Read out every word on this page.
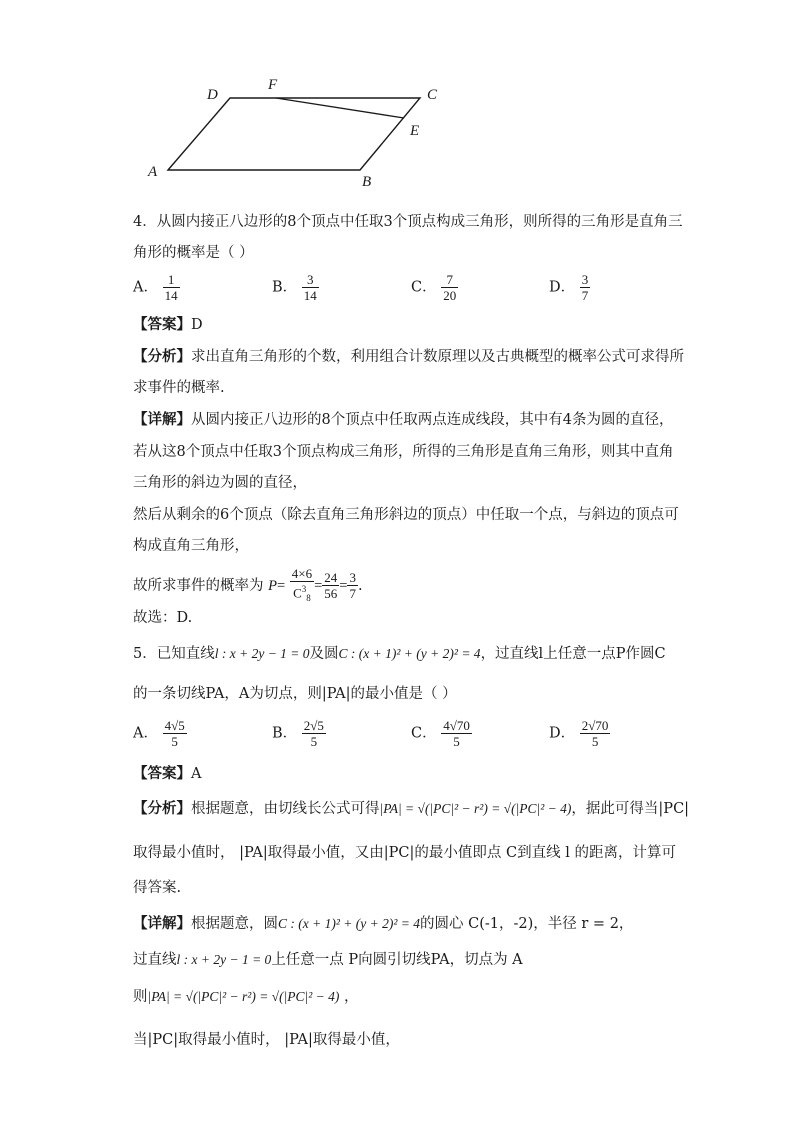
A
B
C
D
E
F
4．从圆内接正八边形的8个顶点中任取3个顶点构成三角形，则所得的三角形是直角三
角形的概率是（ ）
A． $\frac{1}{14}$	B． $\frac{3}{14}$	C． $\frac{7}{20}$	D． $\frac{3}{7}$
【答案】D
【分析】求出直角三角形的个数，利用组合计数原理以及古典概型的概率公式可求得所
求事件的概率.
【详解】从圆内接正八边形的8个顶点中任取两点连成线段，其中有4条为圆的直径，
若从这8个顶点中任取3个顶点构成三角形，所得的三角形是直角三角形，则其中直角
三角形的斜边为圆的直径，
然后从剩余的6个顶点（除去直角三角形斜边的顶点）中任取一个点，与斜边的顶点可
构成直角三角形，
故所求事件的概率为 $P= \frac{4\times 6}{C^3_8} = \frac{24}{56} = \frac{3}{7}$ .
故选：D.
5．已知直线l : x + 2y − 1 = 0及圆C : (x + 1)² + (y + 2)² = 4，过直线l上任意一点P作圆C
的一条切线PA，A为切点，则|PA|的最小值是（ ）
A． $\frac{4√5}{5}$	B． $\frac{2√5}{5}$	C． $\frac{4√70}{5}$	D． $\frac{2√70}{5}$
【答案】A
【分析】根据题意，由切线长公式可得|PA| = √(|PC|² − r²) = √(|PC|² − 4)，据此可得当|PC|
取得最小值时， |PA|取得最小值，又由|PC|的最小值即点 C到直线 l 的距离，计算可
得答案.
【详解】根据题意，圆C : (x + 1)² + (y + 2)² = 4的圆心 C(-1，-2)，半径 r = 2，
过直线l : x + 2y − 1 = 0上任意一点 P向圆引切线PA，切点为 A
则|PA| = √(|PC|² − r²) = √(|PC|² − 4) ，
当|PC|取得最小值时， |PA|取得最小值，
